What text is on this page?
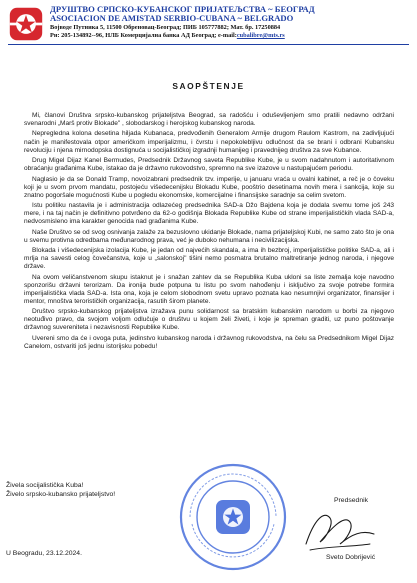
ДРУШТВО СРПСКО-КУБАНСКОГ ПРИЈАТЕЉСТВА ~ БЕОГРАД
ASOCIACION DE AMISTAD SERBIO-CUBANA ~ BELGRADO
Војводе Путника 5, 11500 Обреновац-Београд; ПИБ 105777882; Мат. бр. 17250884
Рн: 205-134892--96, НЛБ Комерцијална банка АД Београд; e-mail:cubalibre@mts.rs
SAOPŠTENJE

Mi, članovi Društva srpsko-kubanskog prijateljstva Beograd, sa radošću i oduševljenjem smo pratili nedavno održani svenarodni „Marš protiv Blokade" , slobodarskog i herojskog kubanskog naroda.

Nepregledna kolona desetina hiljada Kubanaca, predvođenih Generalom Armije drugom Raulom Kastrom, na zadivljujući način je manifestovala otpor američkom imperijalizmu, i čvrstu i nepokolebljivu odlučnost da se brani i odbrani Kubansku revoluciju i njena mirnodopska dostignuća u socijalističkoj izgradnji humanijeg i pravednijeg društva za sve Kubance.

Drug Migel Dijaz Kanel Bermudes, Predsednik Državnog saveta Republike Kube, je u svom nadahnutom i autoritativnom obraćanju građanima Kube, istakao da je državno rukovodstvo, spremno na sve izazove u nastupajućem periodu.

Naglasio je da se Donald Tramp, novoizabrani predsednik tzv. imperije, u januaru vraća u ovalni kabinet, a reč je o čoveku koji je u svom prvom mandatu, postojeću višedecenijsku Blokadu Kube, pooštrio desetinama novih mera i sankcija, koje su znatno pogoršale mogućnosti Kube u pogledu ekonomske, komercijalne i finansijske saradnje sa celim svetom.

Istu politiku nastavila je i administracija odlazećeg predsednika SAD-a Džo Bajdena koja je dodala svemu tome još 243 mere, i na taj način je definitivno potvrđeno da 62-o godišnja Blokada Republike Kube od strane imperijalističkih vlada SAD-a, nedvosmisleno ima karakter genocida nad građanima Kube.

Naše Društvo se od svog osnivanja zalaže za bezuslovno ukidanje Blokade, nama prijateljskoj Kubi, ne samo zato što je ona u svemu protivna odredbama međunarodnog prava, već je duboko nehumana i necivilizacijska.

Blokada i višedecenijska izolacija Kube, je jedan od najvećih skandala, a ima ih bezbroj, imperijalističke politike SAD-a, ali i mrlja na savesti celog čovečanstva, koje u „salonskoj" tišini nemo posmatra brutalno maltretiranje jednog naroda, i njegove države.

Na ovom veličanstvenom skupu istaknut je i snažan zahtev da se Republika Kuba ukloni sa liste zemalja koje navodno sponzorišu državni terorizam. Da ironija bude potpuna tu listu po svom nahođenju i isključivo za svoje potrebe formira imperijalistička vlada SAD-a. Ista ona, koja je celom slobodnom svetu upravo poznata kao nesumnjivi organizator, finansijer i mentor, mnoštva terorističkih organizacija, rasutih širom planete.

Društvo srpsko-kubanskog prijateljstva izražava punu solidarnost sa bratskim kubanskim narodom u borbi za njegovo neotuđivo pravo, da svojom voljom odlučuje o društvu u kojem želi živeti, i koje je spreman graditi, uz puno poštovanje državnog suvereniteta i nezavisnosti Republike Kube.

Uvereni smo da će i ovoga puta, jedinstvo kubanskog naroda i državnog rukovodstva, na čelu sa Predsednikom Migel Dijaz Canelom, ostvariti još jednu istorijsku pobedu!

Živela socijalistička Kuba!
Živelo srpsko-kubansko prijateljstvo!
U Beogradu, 23.12.2024.
Predsednik
Sveto Dobrijević
